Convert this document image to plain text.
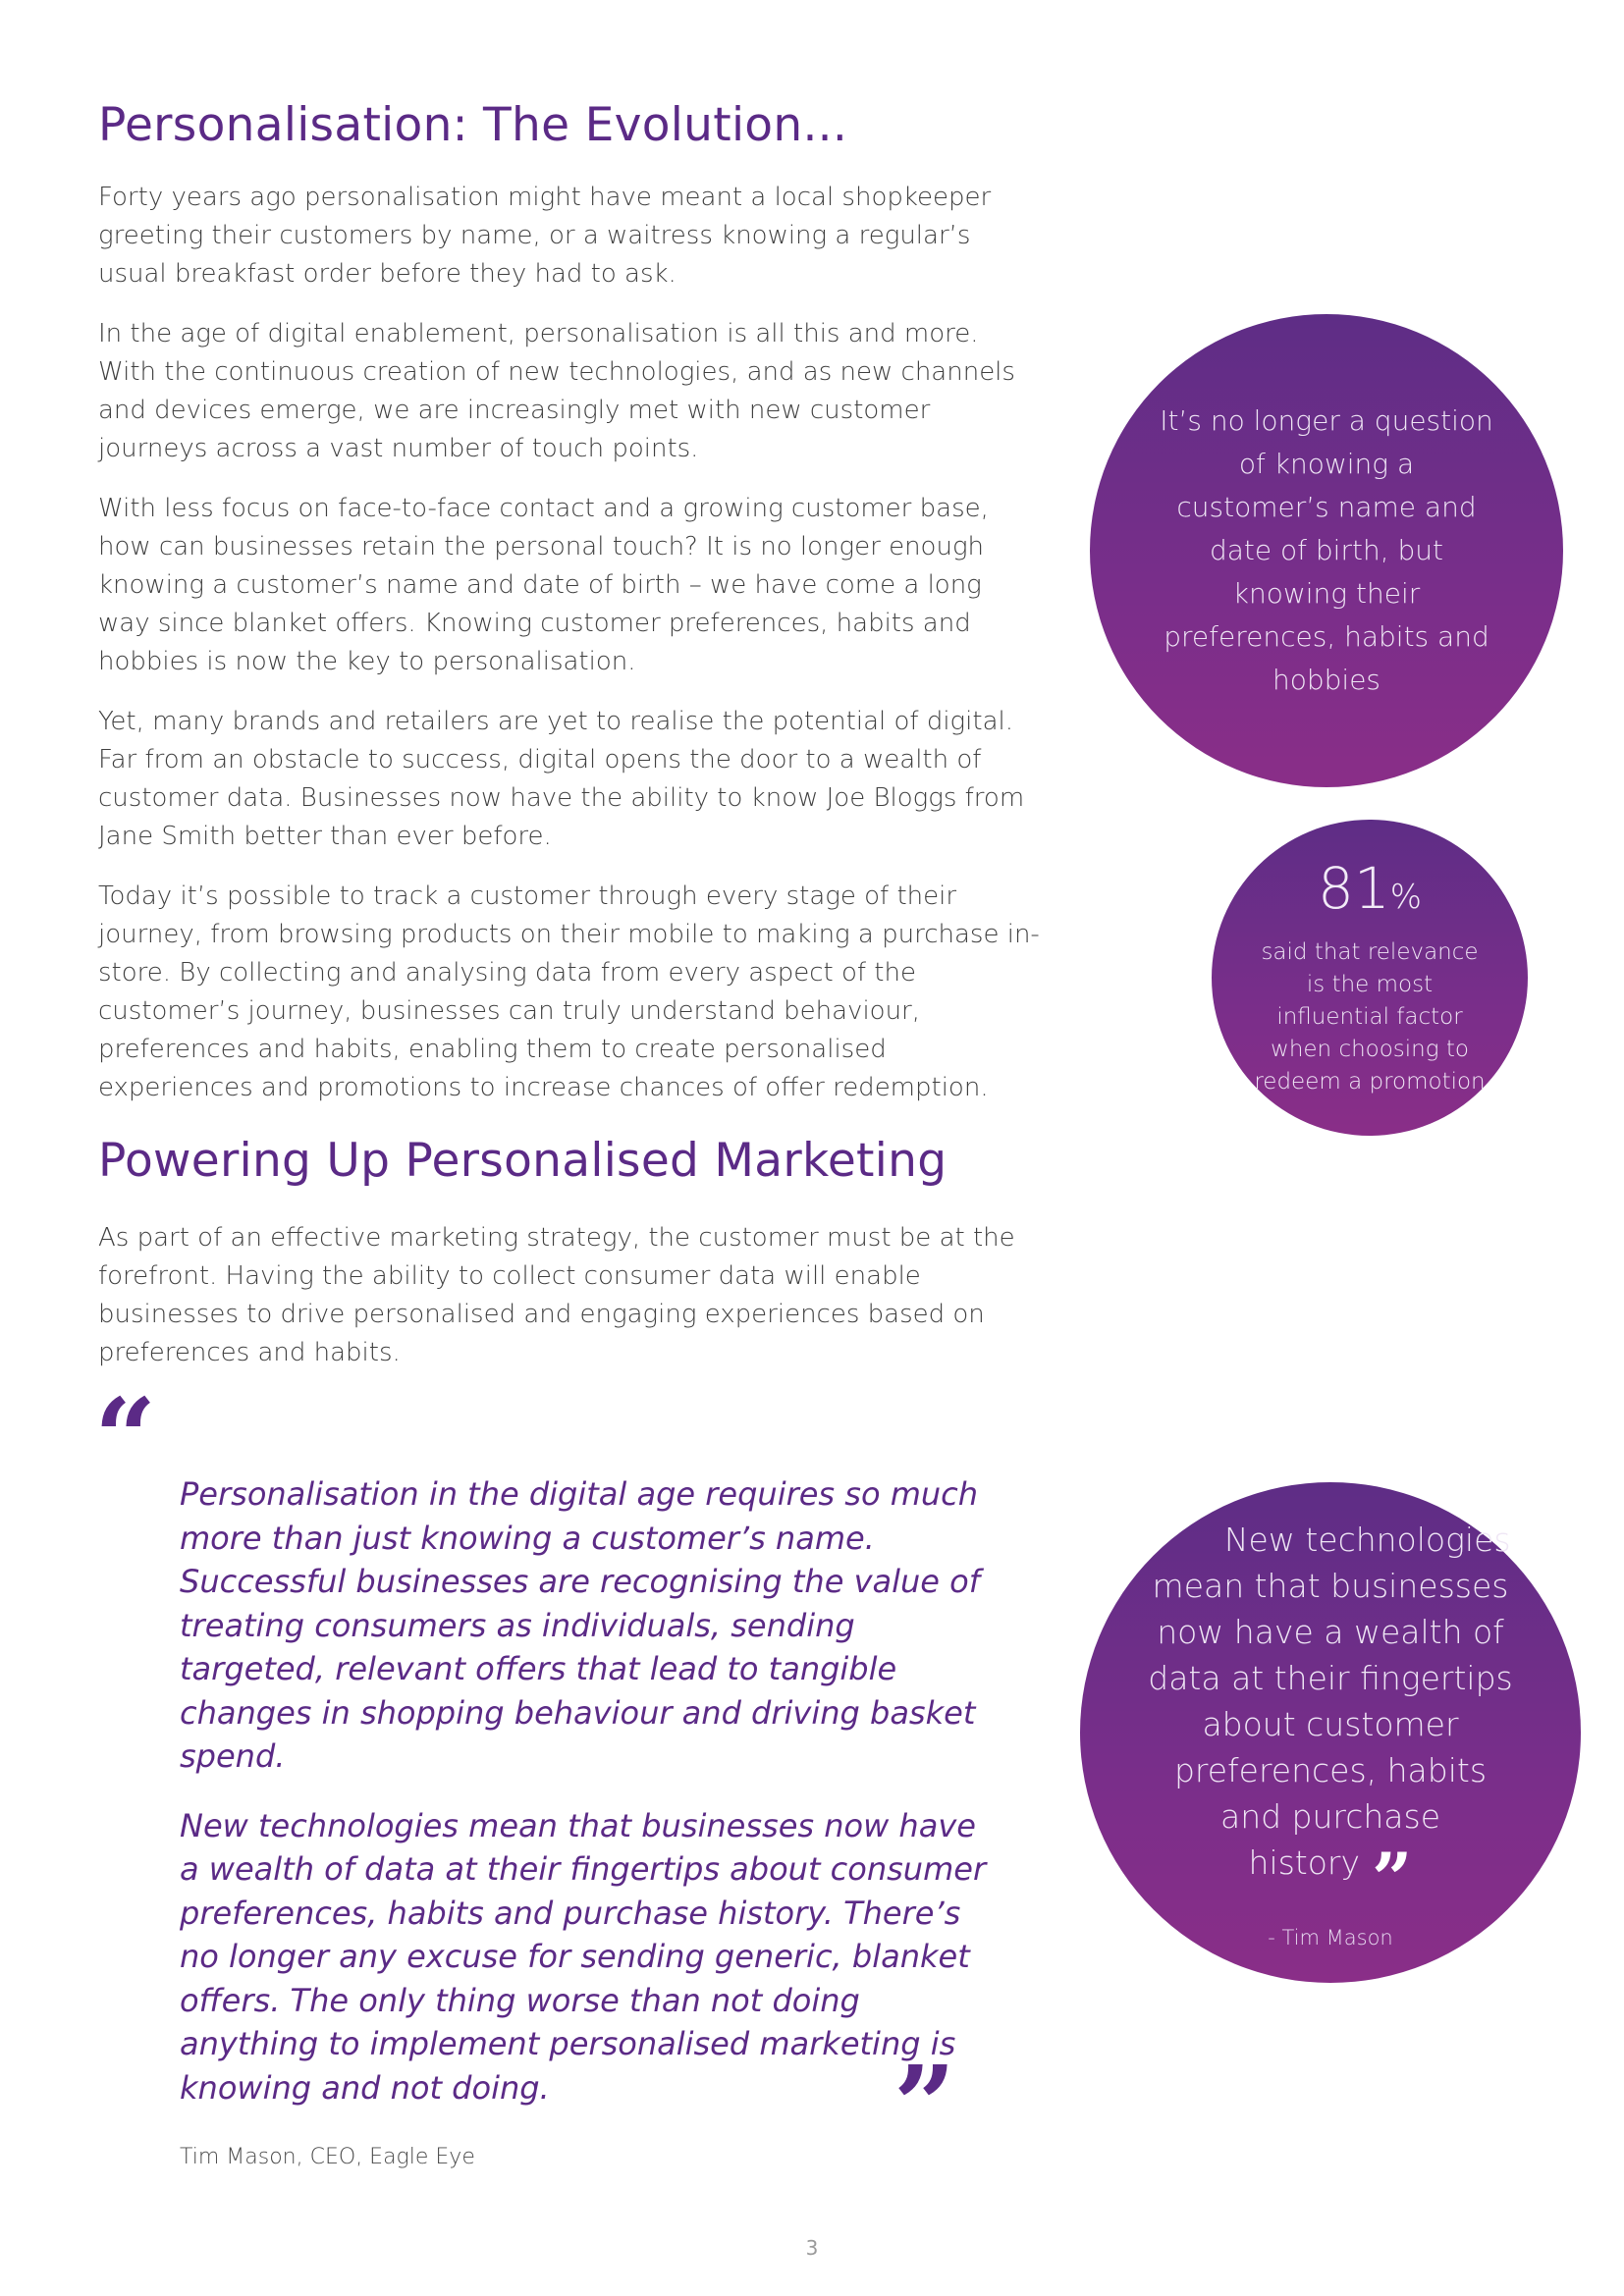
Personalisation: The Evolution...

Forty years ago personalisation might have meant a local shopkeeper greeting their customers by name, or a waitress knowing a regular’s usual breakfast order before they had to ask.

In the age of digital enablement, personalisation is all this and more. With the continuous creation of new technologies, and as new channels and devices emerge, we are increasingly met with new customer journeys across a vast number of touch points.

With less focus on face-to-face contact and a growing customer base, how can businesses retain the personal touch? It is no longer enough knowing a customer’s name and date of birth – we have come a long way since blanket offers. Knowing customer preferences, habits and hobbies is now the key to personalisation.

Yet, many brands and retailers are yet to realise the potential of digital. Far from an obstacle to success, digital opens the door to a wealth of customer data. Businesses now have the ability to know Joe Bloggs from Jane Smith better than ever before.

Today it’s possible to track a customer through every stage of their journey, from browsing products on their mobile to making a purchase in-store. By collecting and analysing data from every aspect of the customer’s journey, businesses can truly understand behaviour, preferences and habits, enabling them to create personalised experiences and promotions to increase chances of offer redemption.

Powering Up Personalised Marketing

As part of an effective marketing strategy, the customer must be at the forefront. Having the ability to collect consumer data will enable businesses to drive personalised and engaging experiences based on preferences and habits.

“ Personalisation in the digital age requires so much more than just knowing a customer’s name. Successful businesses are recognising the value of treating consumers as individuals, sending targeted, relevant offers that lead to tangible changes in shopping behaviour and driving basket spend.

New technologies mean that businesses now have a wealth of data at their fingertips about consumer preferences, habits and purchase history. There’s no longer any excuse for sending generic, blanket offers. The only thing worse than not doing anything to implement personalised marketing is knowing and not doing.	”
Tim Mason, CEO, Eagle Eye
It’s no longer a question of knowing a customer’s name and date of birth, but knowing their preferences, habits and hobbies
81%
said that relevance is the most influential factor when choosing to redeem a promotion
“ New technologies mean that businesses now have a wealth of data at their fingertips about customer preferences, habits and purchase history ”
- Tim Mason
3
